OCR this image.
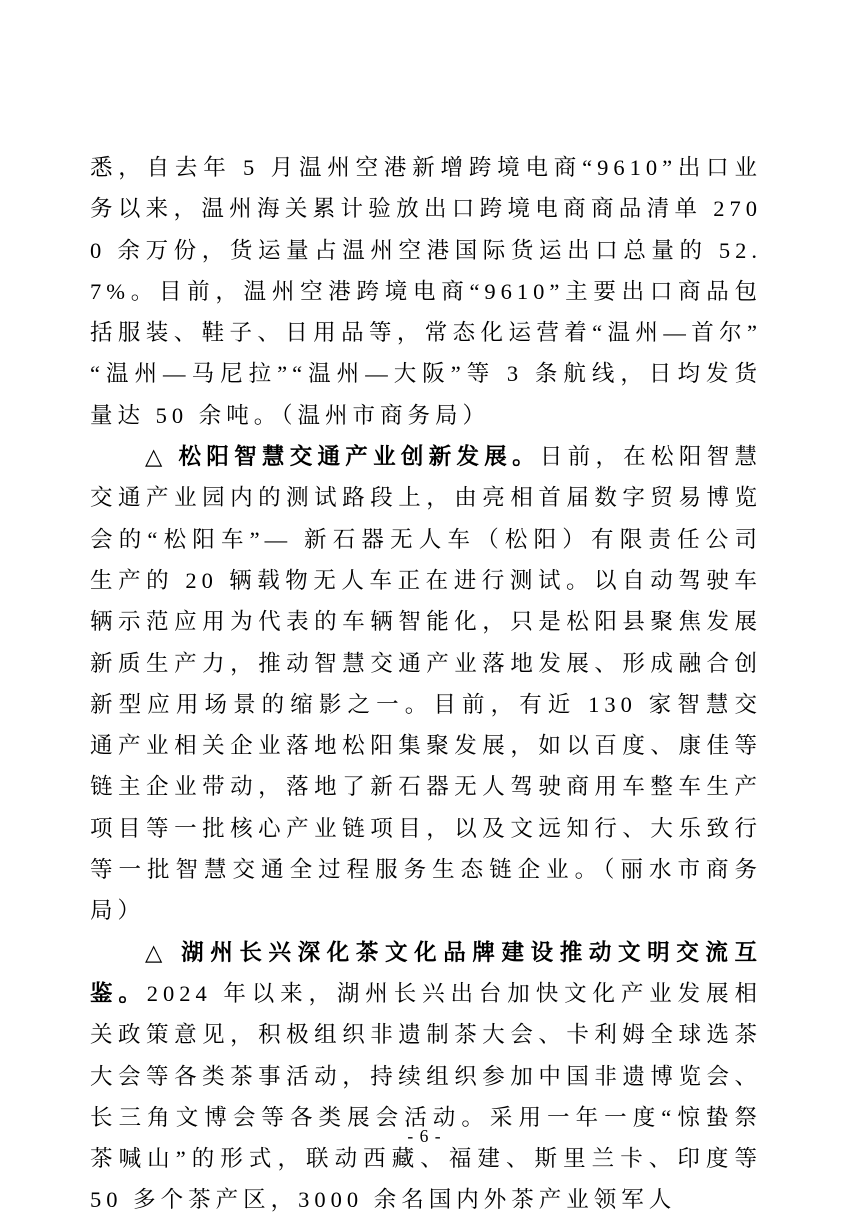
悉，自去年 5 月温州空港新增跨境电商“9610”出口业务以来，温州海关累计验放出口跨境电商商品清单 2700 余万份，货运量占温州空港国际货运出口总量的 52.7%。目前，温州空港跨境电商“9610”主要出口商品包括服装、鞋子、日用品等，常态化运营着“温州—首尔”“温州—马尼拉”“温州—大阪”等 3 条航线，日均发货量达 50 余吨。（温州市商务局）

△ 松阳智慧交通产业创新发展。日前，在松阳智慧交通产业园内的测试路段上，由亮相首届数字贸易博览会的“松阳车”— 新石器无人车（松阳）有限责任公司生产的 20 辆载物无人车正在进行测试。以自动驾驶车辆示范应用为代表的车辆智能化，只是松阳县聚焦发展新质生产力，推动智慧交通产业落地发展、形成融合创新型应用场景的缩影之一。目前，有近 130 家智慧交通产业相关企业落地松阳集聚发展，如以百度、康佳等链主企业带动，落地了新石器无人驾驶商用车整车生产项目等一批核心产业链项目，以及文远知行、大乐致行等一批智慧交通全过程服务生态链企业。（丽水市商务局）

△ 湖州长兴深化茶文化品牌建设推动文明交流互鉴。2024 年以来，湖州长兴出台加快文化产业发展相关政策意见，积极组织非遗制茶大会、卡利姆全球选茶大会等各类茶事活动，持续组织参加中国非遗博览会、长三角文博会等各类展会活动。采用一年一度“惊蛰祭茶喊山”的形式，联动西藏、福建、斯里兰卡、印度等 50 多个茶产区，3000 余名国内外茶产业领军人

- 6 -
